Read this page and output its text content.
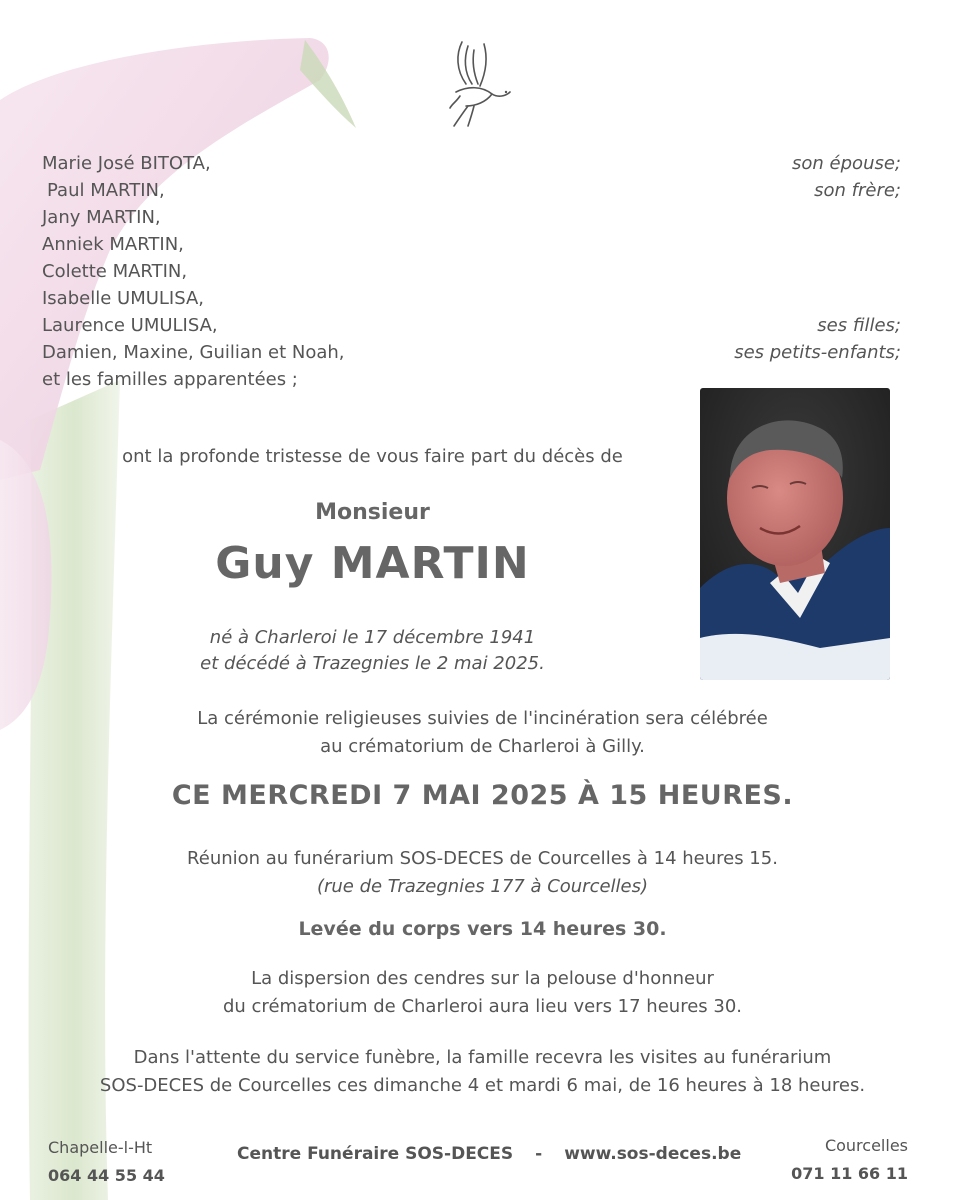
Marie José BITOTA,
Paul MARTIN,
Jany MARTIN,
Anniek MARTIN,
Colette MARTIN,
Isabelle UMULISA,
Laurence UMULISA,
Damien, Maxine, Guilian et Noah,
et les familles apparentées ;
son épouse;
son frère;
ses filles;
ses petits-enfants;
ont la profonde tristesse de vous faire part du décès de
Monsieur
Guy MARTIN
né à Charleroi le 17 décembre 1941
et décédé à Trazegnies le 2 mai 2025.
La cérémonie religieuses suivies de l'incinération sera célébrée
au crématorium de Charleroi à Gilly.
CE MERCREDI 7 MAI 2025 À 15 HEURES.
Réunion au funérarium SOS-DECES de Courcelles à 14 heures 15.
(rue de Trazegnies 177 à Courcelles)
Levée du corps vers 14 heures 30.
La dispersion des cendres sur la pelouse d'honneur
du crématorium de Charleroi aura lieu vers 17 heures 30.
Dans l'attente du service funèbre, la famille recevra les visites au funérarium
SOS-DECES de Courcelles ces dimanche 4 et mardi 6 mai, de 16 heures à 18 heures.
Chapelle-l-Ht
064 44 55 44
Centre Funéraire SOS-DECES - www.sos-deces.be	Courcelles
071 11 66 11
